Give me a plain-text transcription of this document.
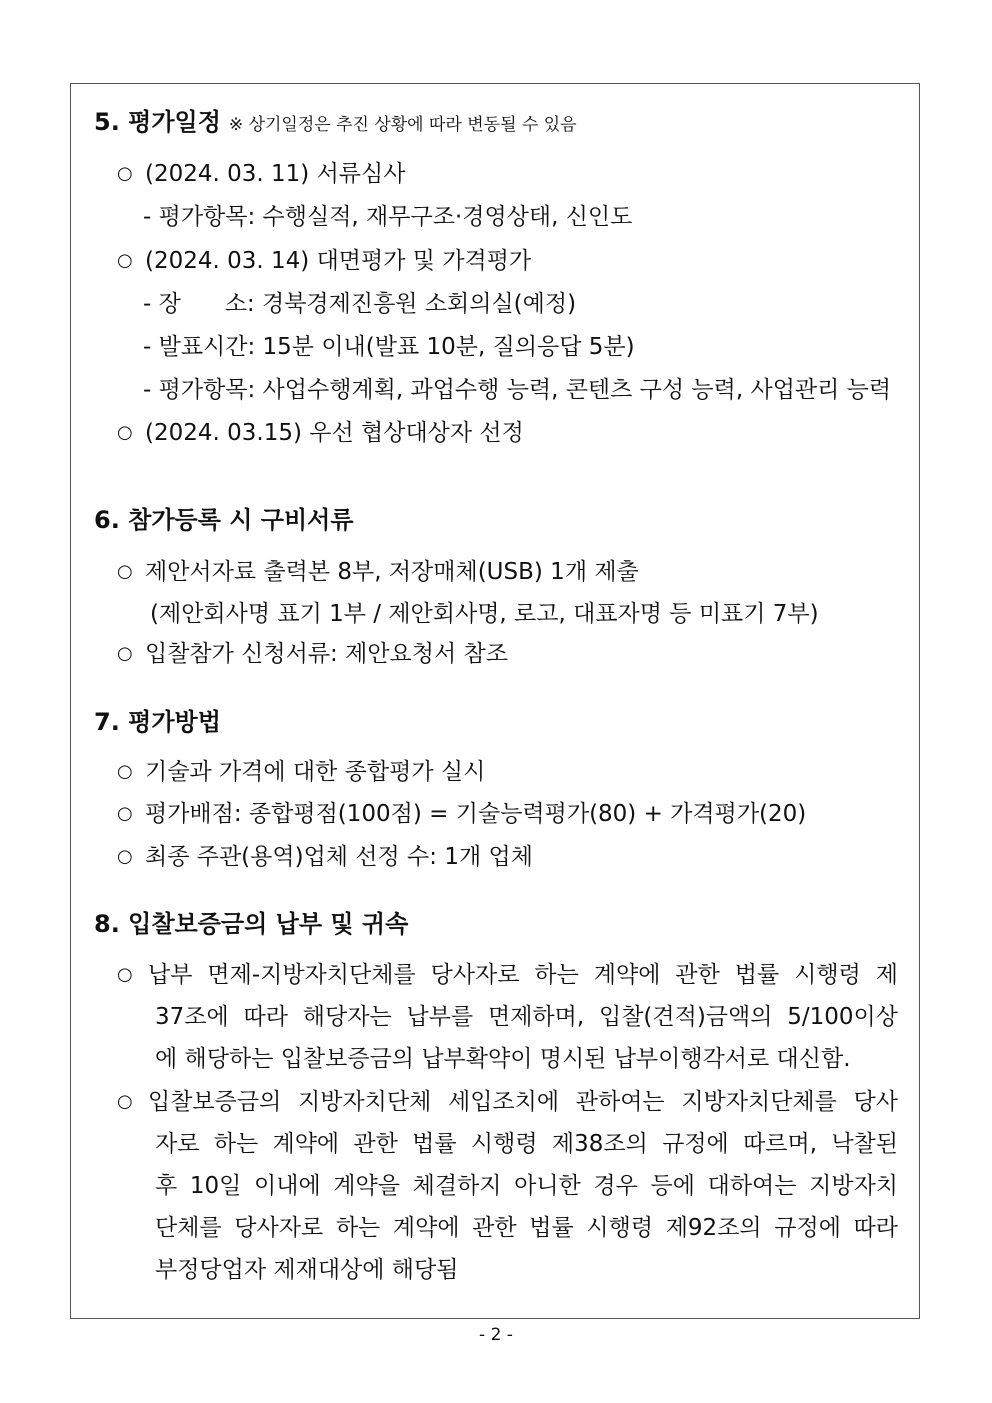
5. 평가일정 ※ 상기일정은 추진 상황에 따라 변동될 수 있음
○ (2024. 03. 11) 서류심사
- 평가항목: 수행실적, 재무구조·경영상태, 신인도
○ (2024. 03. 14) 대면평가 및 가격평가
- 장      소: 경북경제진흥원 소회의실(예정)
- 발표시간: 15분 이내(발표 10분, 질의응답 5분)
- 평가항목: 사업수행계획, 과업수행 능력, 콘텐츠 구성 능력, 사업관리 능력
○ (2024. 03.15) 우선 협상대상자 선정
6. 참가등록 시 구비서류
○ 제안서자료 출력본 8부, 저장매체(USB) 1개 제출
(제안회사명 표기 1부 / 제안회사명, 로고, 대표자명 등 미표기 7부)
○ 입찰참가 신청서류: 제안요청서 참조
7. 평가방법
○ 기술과 가격에 대한 종합평가 실시
○ 평가배점: 종합평점(100점) = 기술능력평가(80) + 가격평가(20)
○ 최종 주관(용역)업체 선정 수: 1개 업체
8. 입찰보증금의 납부 및 귀속
○ 납부 면제-지방자치단체를 당사자로 하는 계약에 관한 법률 시행령 제
37조에 따라 해당자는 납부를 면제하며, 입찰(견적)금액의 5/100이상
에 해당하는 입찰보증금의 납부확약이 명시된 납부이행각서로 대신함.
○ 입찰보증금의 지방자치단체 세입조치에 관하여는 지방자치단체를 당사
자로 하는 계약에 관한 법률 시행령 제38조의 규정에 따르며, 낙찰된
후 10일 이내에 계약을 체결하지 아니한 경우 등에 대하여는 지방자치
단체를 당사자로 하는 계약에 관한 법률 시행령 제92조의 규정에 따라
부정당업자 제재대상에 해당됨
- 2 -
